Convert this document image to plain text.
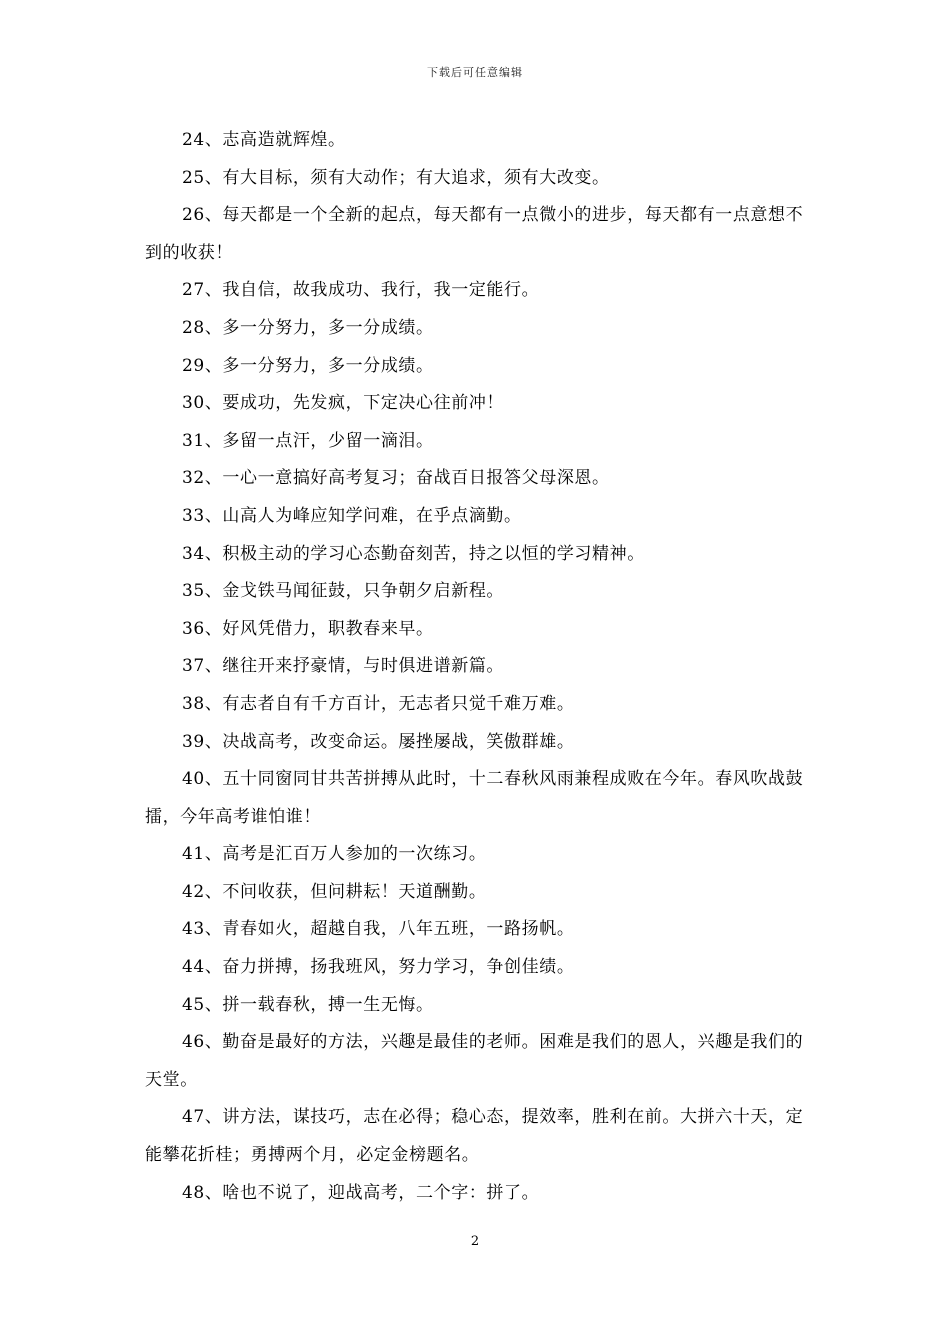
下载后可任意编辑

24、志高造就辉煌。

25、有大目标，须有大动作；有大追求，须有大改变。

26、每天都是一个全新的起点，每天都有一点微小的进步，每天都有一点意想不到的收获！

27、我自信，故我成功、我行，我一定能行。

28、多一分努力，多一分成绩。

29、多一分努力，多一分成绩。

30、要成功，先发疯，下定决心往前冲！

31、多留一点汗，少留一滴泪。

32、一心一意搞好高考复习；奋战百日报答父母深恩。

33、山高人为峰应知学问难，在乎点滴勤。

34、积极主动的学习心态勤奋刻苦，持之以恒的学习精神。

35、金戈铁马闻征鼓，只争朝夕启新程。

36、好风凭借力，职教春来早。

37、继往开来抒豪情，与时俱进谱新篇。

38、有志者自有千方百计，无志者只觉千难万难。

39、决战高考，改变命运。屡挫屡战，笑傲群雄。

40、五十同窗同甘共苦拼搏从此时，十二春秋风雨兼程成败在今年。春风吹战鼓擂，今年高考谁怕谁！

41、高考是汇百万人参加的一次练习。

42、不问收获，但问耕耘！天道酬勤。

43、青春如火，超越自我，八年五班，一路扬帆。

44、奋力拼搏，扬我班风，努力学习，争创佳绩。

45、拼一载春秋，搏一生无悔。

46、勤奋是最好的方法，兴趣是最佳的老师。困难是我们的恩人，兴趣是我们的天堂。

47、讲方法，谋技巧，志在必得；稳心态，提效率，胜利在前。大拼六十天，定能攀花折桂；勇搏两个月，必定金榜题名。

48、啥也不说了，迎战高考，二个字：拼了。

2
